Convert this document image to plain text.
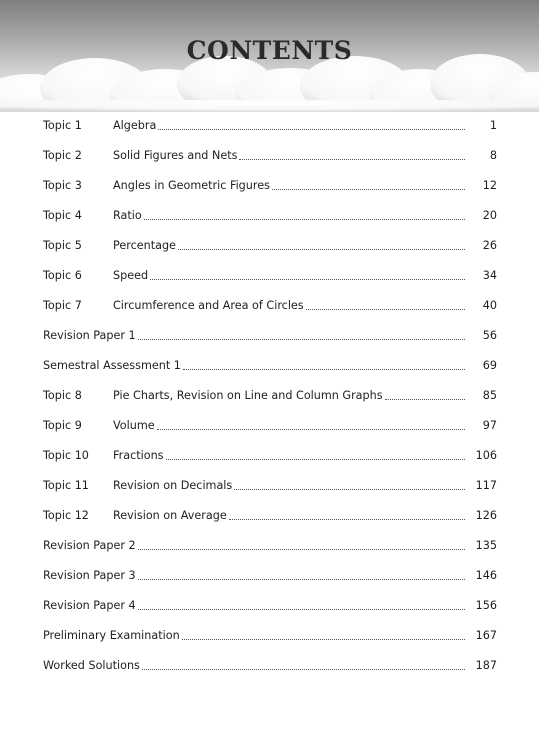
CONTENTS
Topic 1	Algebra	1
Topic 2	Solid Figures and Nets	8
Topic 3	Angles in Geometric Figures	12
Topic 4	Ratio	20
Topic 5	Percentage	26
Topic 6	Speed	34
Topic 7	Circumference and Area of Circles	40
Revision Paper 1	56
Semestral Assessment 1	69
Topic 8	Pie Charts, Revision on Line and Column Graphs	85
Topic 9	Volume	97
Topic 10	Fractions	106
Topic 11	Revision on Decimals	117
Topic 12	Revision on Average	126
Revision Paper 2	135
Revision Paper 3	146
Revision Paper 4	156
Preliminary Examination	167
Worked Solutions	187
